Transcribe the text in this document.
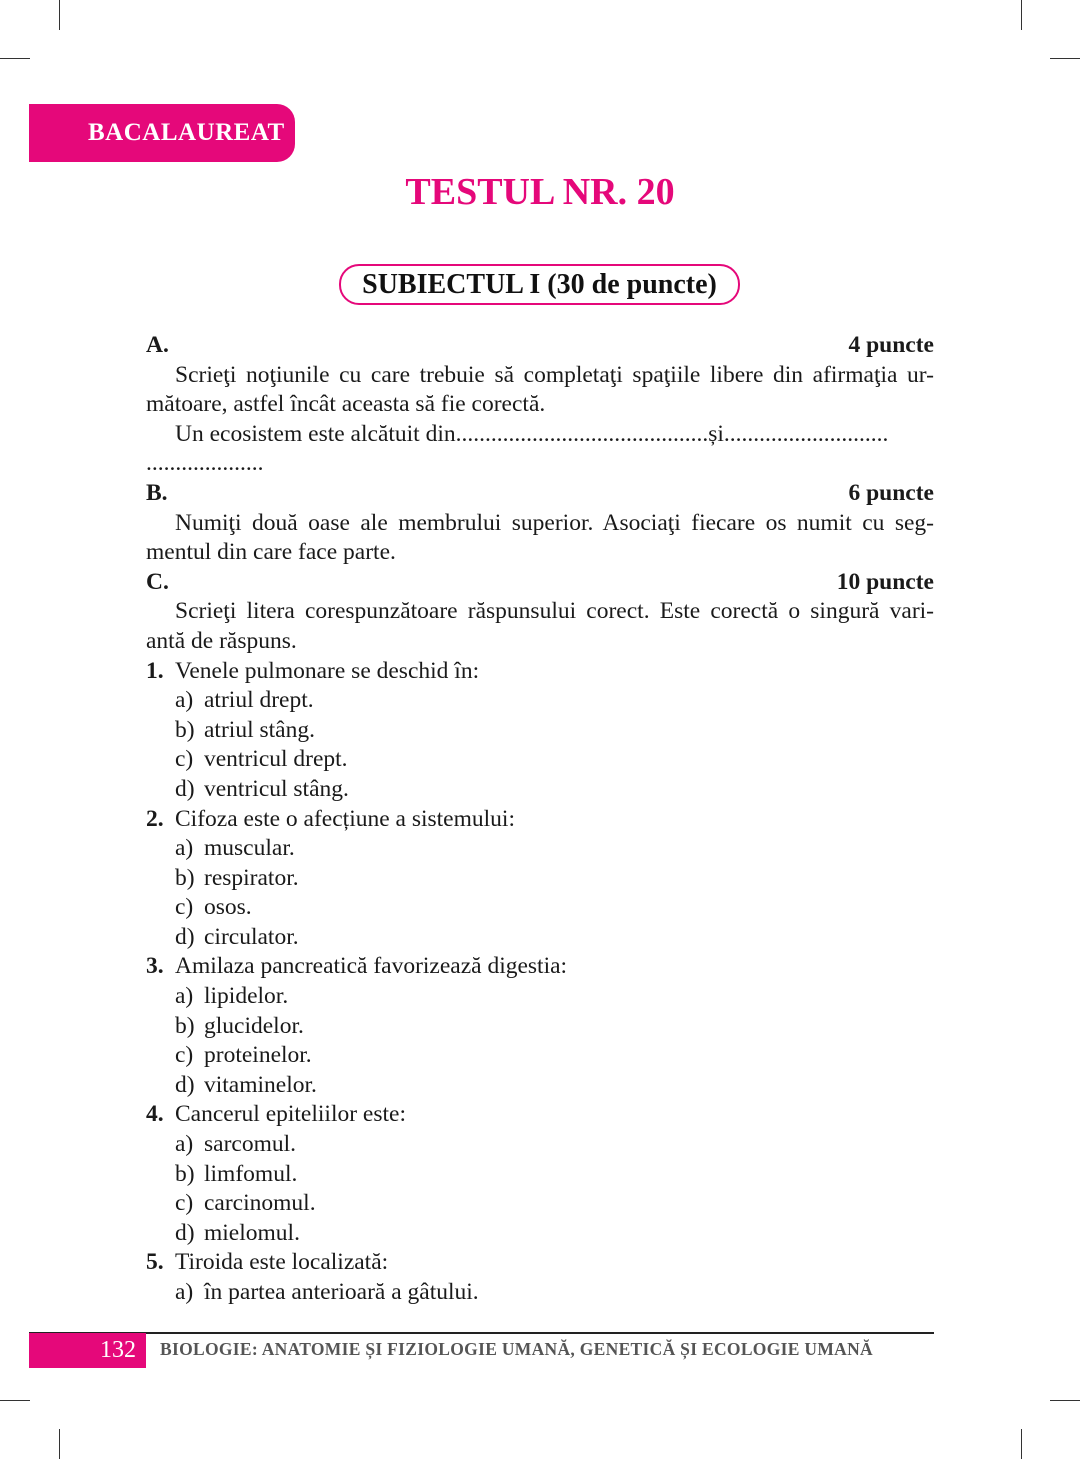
BACALAUREAT
TESTUL NR. 20
SUBIECTUL I (30 de puncte)
A.	4 puncte
Scrieţi noţiunile cu care trebuie să completaţi spaţiile libere din afirmaţia ur-
mătoare, astfel încât aceasta să fie corectă.
Un ecosistem este alcătuit din...........................................și............................
....................
B.	6 puncte
Numiţi două oase ale membrului superior. Asociaţi fiecare os numit cu seg-
mentul din care face parte.
C.	10 puncte
Scrieţi litera corespunzătoare răspunsului corect. Este corectă o singură vari-
antă de răspuns.
1. Venele pulmonare se deschid în:
a) atriul drept.
b) atriul stâng.
c) ventricul drept.
d) ventricul stâng.
2. Cifoza este o afecțiune a sistemului:
a) muscular.
b) respirator.
c) osos.
d) circulator.
3. Amilaza pancreatică favorizează digestia:
a) lipidelor.
b) glucidelor.
c) proteinelor.
d) vitaminelor.
4. Cancerul epiteliilor este:
a) sarcomul.
b) limfomul.
c) carcinomul.
d) mielomul.
5. Tiroida este localizată:
a) în partea anterioară a gâtului.
132	BIOLOGIE: ANATOMIE ȘI FIZIOLOGIE UMANĂ, GENETICĂ ȘI ECOLOGIE UMANĂ
